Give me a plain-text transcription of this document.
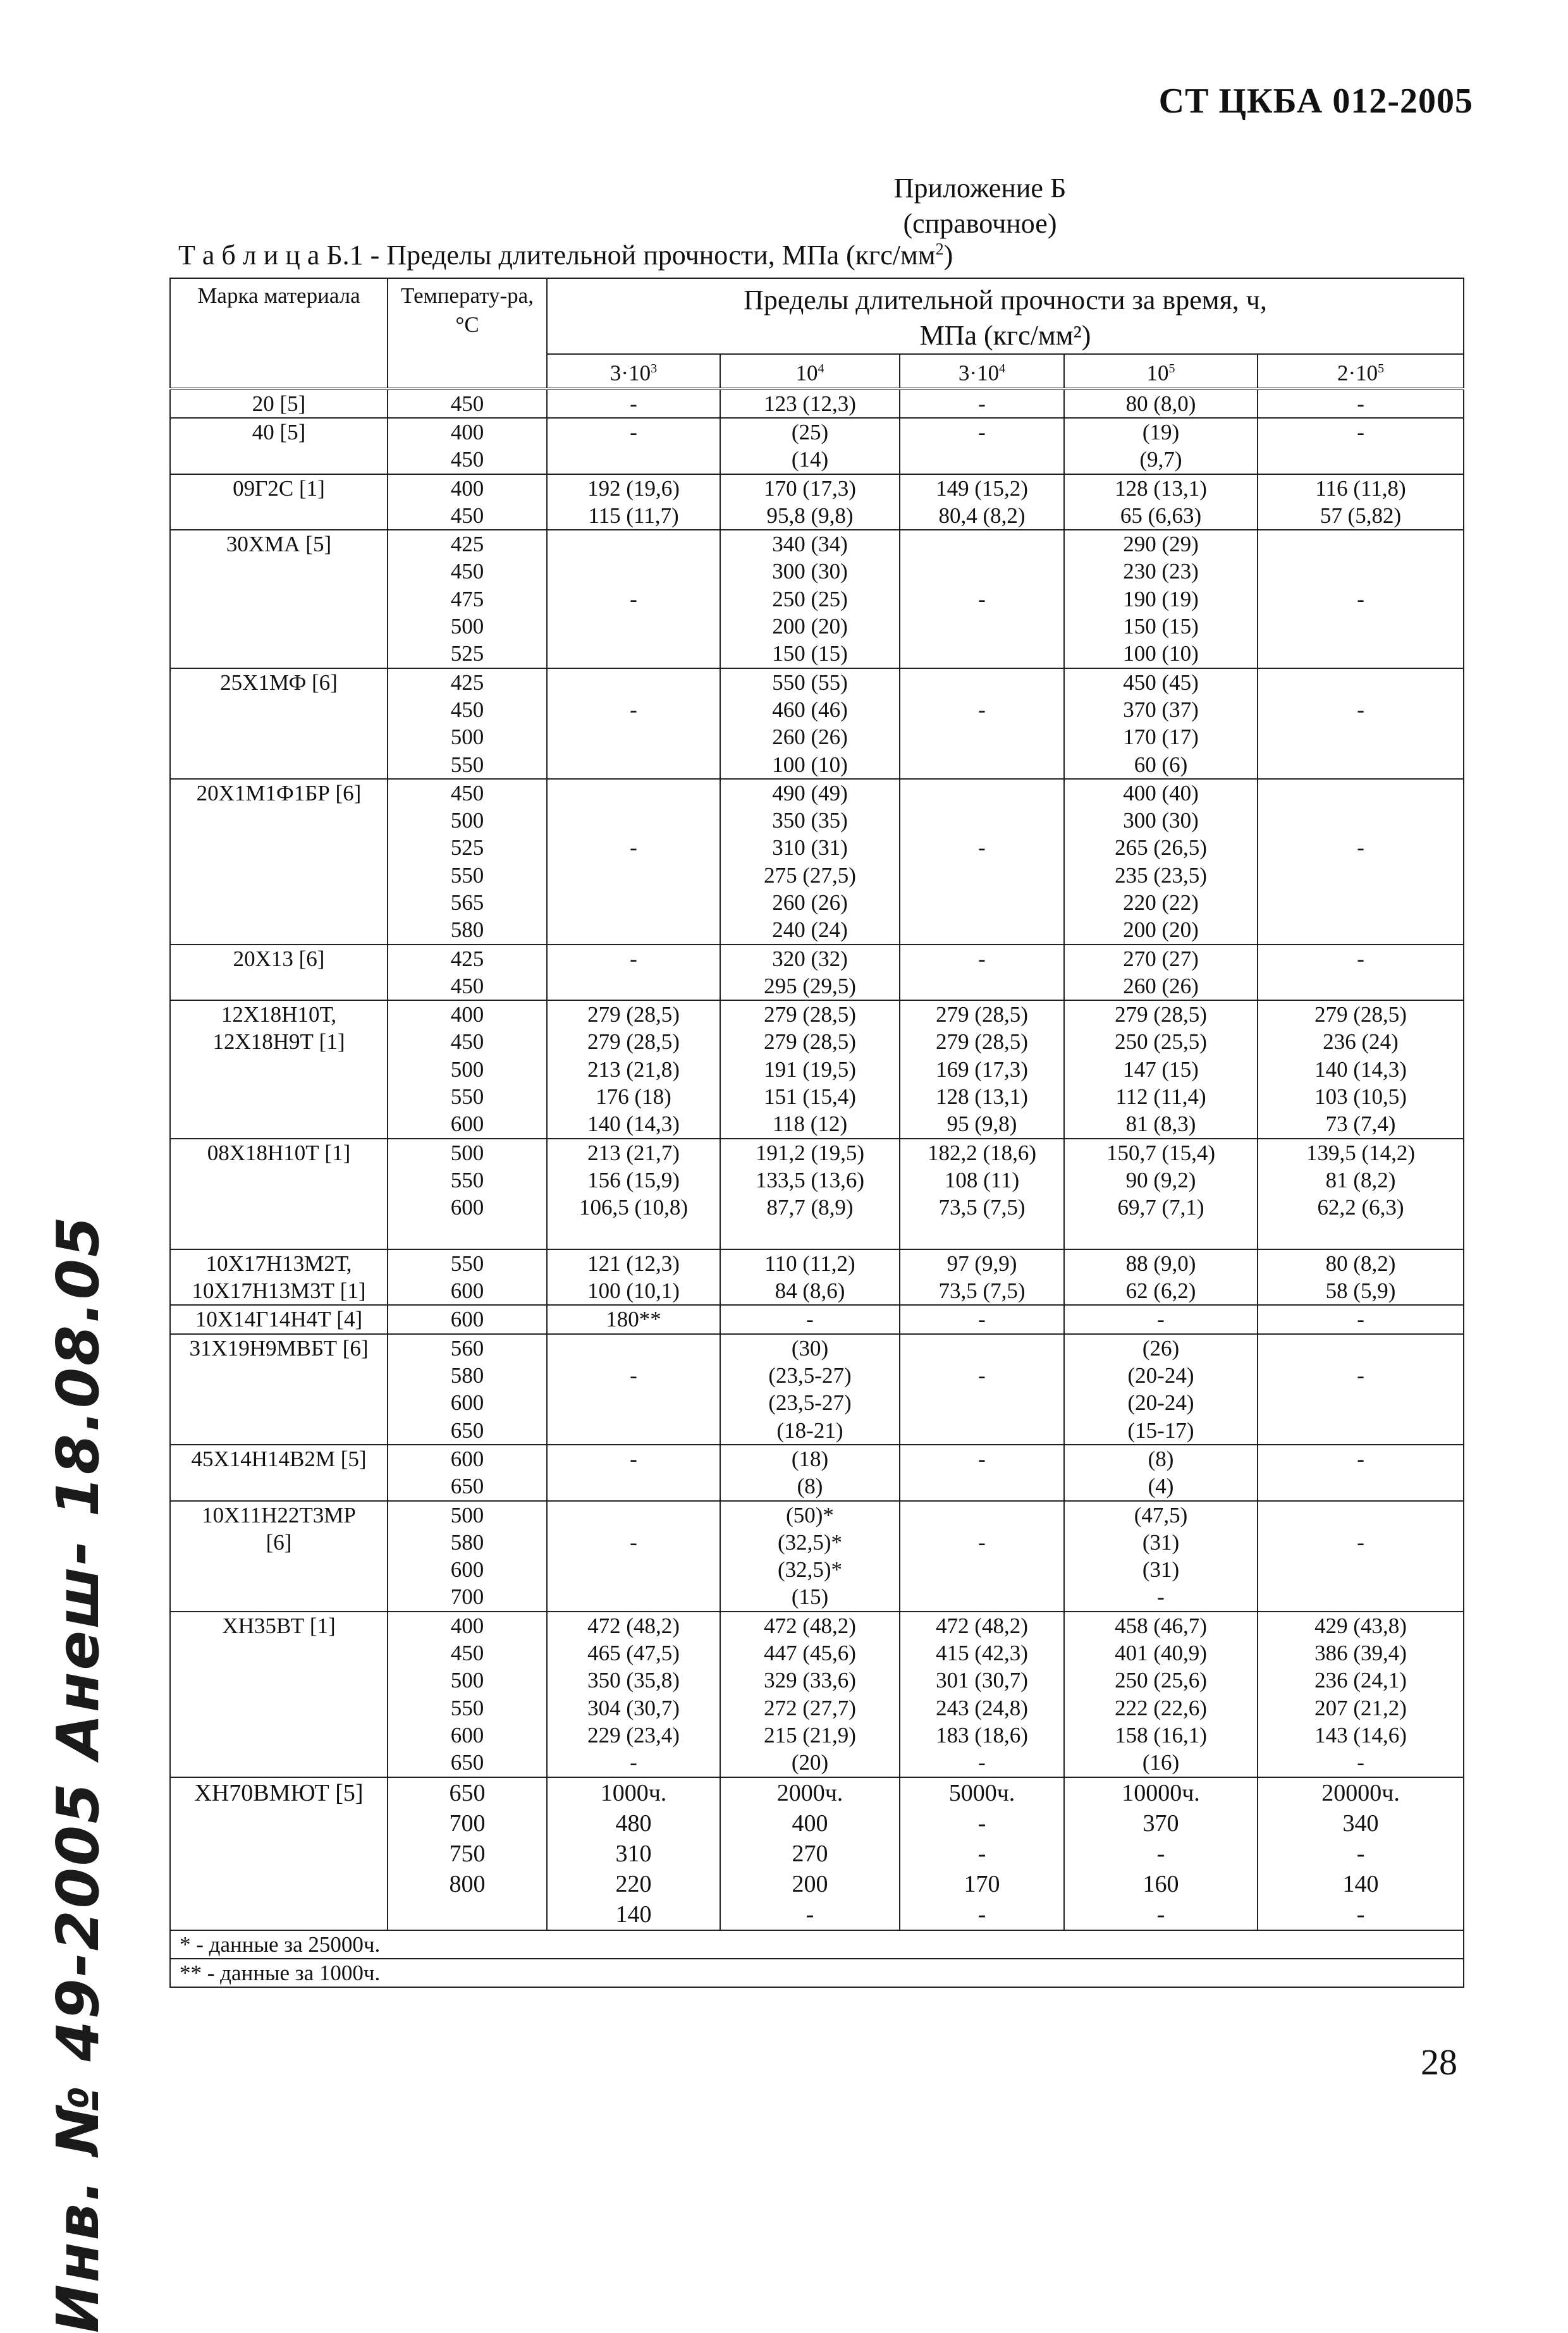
СТ ЦКБА 012-2005
Приложение Б
(справочное)
Т а б л и ц а Б.1 - Пределы длительной прочности, МПа $(кгс/мм^2)$
Марка материала	Температу-ра, °С	Пределы длительной прочности за время, ч,
МПа (кгс/мм²)				

		$3\cdot 10^3$	$10^4$	$3\cdot 10^4$	$10^5$	$2\cdot 10^5$

20 [5]	450	-	123 (12,3)	-	80 (8,0)	-

40 [5]	400	-	(25)	-	(19)	-
	450		(14)		(9,7)	

09Г2С [1]	400	192 (19,6)	170 (17,3)	149 (15,2)	128 (13,1)	116 (11,8)
	450	115 (11,7)	95,8 (9,8)	80,4 (8,2)	65 (6,63)	57 (5,82)

30ХМА [5]	425		340 (34)		290 (29)	
	450		300 (30)		230 (23)	
	475	-	250 (25)	-	190 (19)	-
	500		200 (20)		150 (15)	
	525		150 (15)		100 (10)	

25Х1МФ [6]	425		550 (55)		450 (45)	
	450	-	460 (46)	-	370 (37)	-
	500		260 (26)		170 (17)	
	550		100 (10)		60 (6)	

20Х1М1Ф1БР [6]	450		490 (49)		400 (40)	
	500		350 (35)		300 (30)	
	525	-	310 (31)	-	265 (26,5)	-
	550		275 (27,5)		235 (23,5)	
	565		260 (26)		220 (22)	
	580		240 (24)		200 (20)	

20Х13 [6]	425	-	320 (32)	-	270 (27)	-
	450		295 (29,5)		260 (26)	

12Х18Н10Т,
12Х18Н9Т [1]	400	279 (28,5)	279 (28,5)	279 (28,5)	279 (28,5)	279 (28,5)
	450	279 (28,5)	279 (28,5)	279 (28,5)	250 (25,5)	236 (24)
	500	213 (21,8)	191 (19,5)	169 (17,3)	147 (15)	140 (14,3)
	550	176 (18)	151 (15,4)	128 (13,1)	112 (11,4)	103 (10,5)
	600	140 (14,3)	118 (12)	95 (9,8)	81 (8,3)	73 (7,4)

08Х18Н10Т [1]	500	213 (21,7)	191,2 (19,5)	182,2 (18,6)	150,7 (15,4)	139,5 (14,2)
	550	156 (15,9)	133,5 (13,6)	108 (11)	90 (9,2)	81 (8,2)
	600	106,5 (10,8)	87,7 (8,9)	73,5 (7,5)	69,7 (7,1)	62,2 (6,3)

10Х17Н13М2Т,
10Х17Н13М3Т [1]	550	121 (12,3)	110 (11,2)	97 (9,9)	88 (9,0)	80 (8,2)
	600	100 (10,1)	84 (8,6)	73,5 (7,5)	62 (6,2)	58 (5,9)

10Х14Г14Н4Т [4]	600	180**	-	-	-	-

31Х19Н9МВБТ [6]	560		(30)		(26)	
	580	-	(23,5-27)	-	(20-24)	-
	600		(23,5-27)		(20-24)	
	650		(18-21)		(15-17)	

45Х14Н14В2М [5]	600	-	(18)	-	(8)	-
	650		(8)		(4)	

10Х11Н22Т3МР
[6]	500		(50)*		(47,5)	
	580	-	(32,5)*	-	(31)	-
	600		(32,5)*		(31)	
	700		(15)		-	

ХН35ВТ [1]	400	472 (48,2)	472 (48,2)	472 (48,2)	458 (46,7)	429 (43,8)
	450	465 (47,5)	447 (45,6)	415 (42,3)	401 (40,9)	386 (39,4)
	500	350 (35,8)	329 (33,6)	301 (30,7)	250 (25,6)	236 (24,1)
	550	304 (30,7)	272 (27,7)	243 (24,8)	222 (22,6)	207 (21,2)
	600	229 (23,4)	215 (21,9)	183 (18,6)	158 (16,1)	143 (14,6)
	650	-	(20)	-	(16)	-

ХН70ВМЮТ [5]	650	1000ч.	2000ч.	5000ч.	10000ч.	20000ч.
	700	480	400	-	370	340
	750	310	270	-	-	-
	800	220	200	170	160	140
		140	-	-	-	-
* - данные за 25000ч.						
** - данные за 1000ч.						
28
Инв. № 49-2005 Анеш- 18.08.05
